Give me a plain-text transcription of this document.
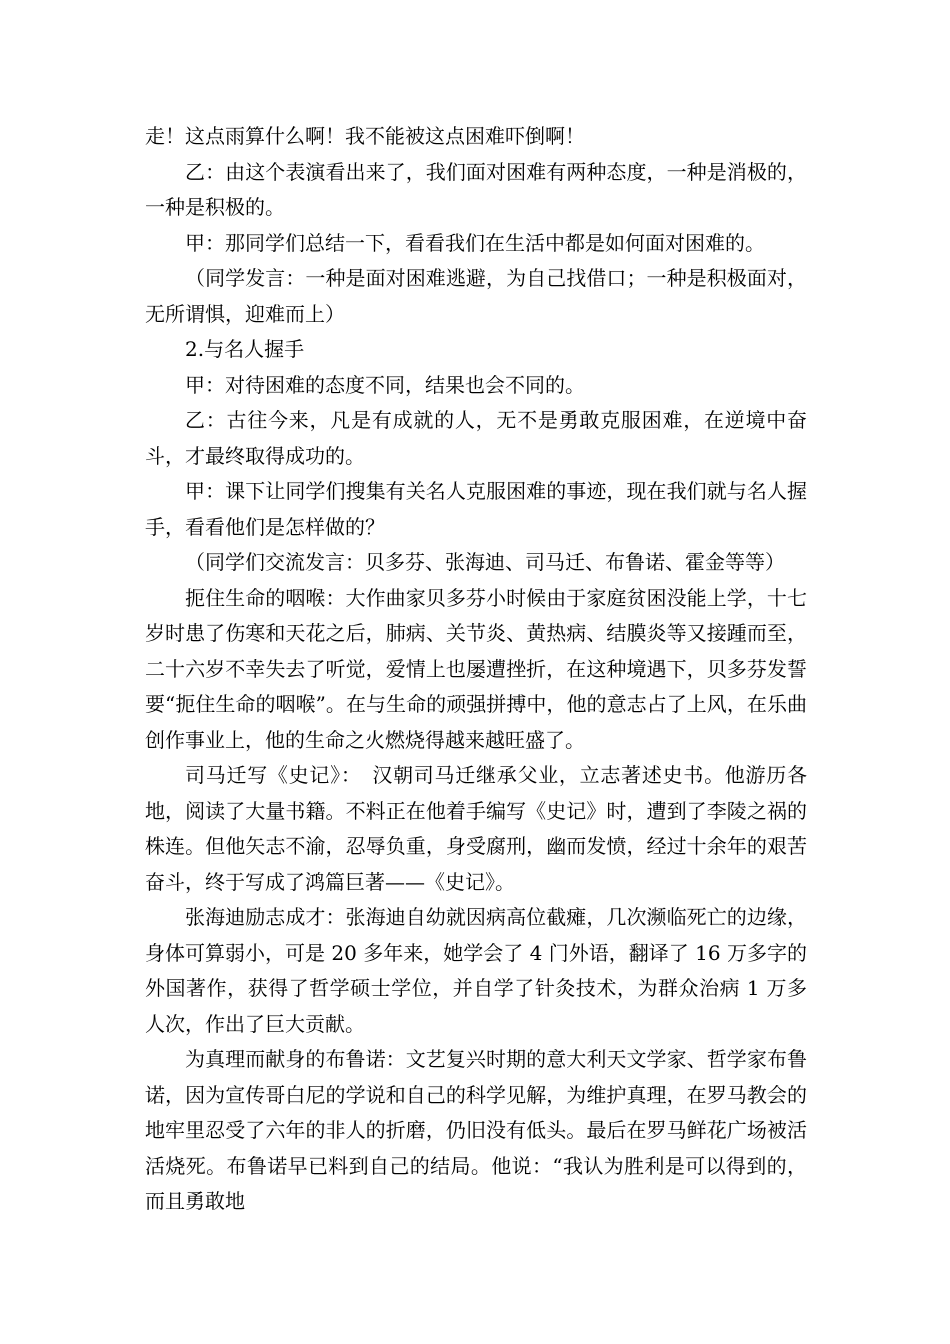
走！这点雨算什么啊！我不能被这点困难吓倒啊！

乙：由这个表演看出来了，我们面对困难有两种态度，一种是消极的，一种是积极的。

甲：那同学们总结一下，看看我们在生活中都是如何面对困难的。

（同学发言：一种是面对困难逃避，为自己找借口；一种是积极面对，无所谓惧，迎难而上）

2.与名人握手

甲：对待困难的态度不同，结果也会不同的。

乙：古往今来，凡是有成就的人，无不是勇敢克服困难，在逆境中奋斗，才最终取得成功的。

甲：课下让同学们搜集有关名人克服困难的事迹，现在我们就与名人握手，看看他们是怎样做的？

（同学们交流发言：贝多芬、张海迪、司马迁、布鲁诺、霍金等等）

扼住生命的咽喉：大作曲家贝多芬小时候由于家庭贫困没能上学，十七岁时患了伤寒和天花之后，肺病、关节炎、黄热病、结膜炎等又接踵而至，二十六岁不幸失去了听觉，爱情上也屡遭挫折，在这种境遇下，贝多芬发誓要“扼住生命的咽喉”。在与生命的顽强拼搏中，他的意志占了上风，在乐曲创作事业上，他的生命之火燃烧得越来越旺盛了。

司马迁写《史记》：　汉朝司马迁继承父业，立志著述史书。他游历各地，阅读了大量书籍。不料正在他着手编写《史记》时，遭到了李陵之祸的株连。但他矢志不渝，忍辱负重，身受腐刑，幽而发愤，经过十余年的艰苦奋斗，终于写成了鸿篇巨著——《史记》。

张海迪励志成才：张海迪自幼就因病高位截瘫，几次濒临死亡的边缘，身体可算弱小，可是 20 多年来，她学会了 4 门外语，翻译了 16 万多字的外国著作，获得了哲学硕士学位，并自学了针灸技术，为群众治病 1 万多人次，作出了巨大贡献。

为真理而献身的布鲁诺：文艺复兴时期的意大利天文学家、哲学家布鲁诺，因为宣传哥白尼的学说和自己的科学见解，为维护真理，在罗马教会的地牢里忍受了六年的非人的折磨，仍旧没有低头。最后在罗马鲜花广场被活活烧死。布鲁诺早已料到自己的结局。他说：“我认为胜利是可以得到的，而且勇敢地
